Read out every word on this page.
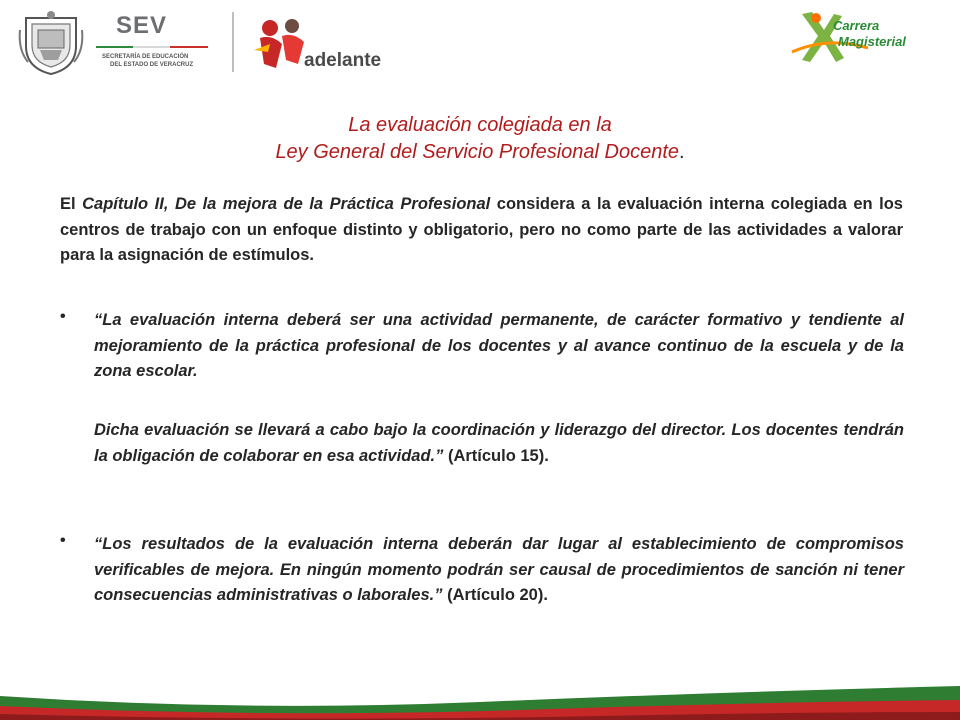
SEV
SECRETARÍA DE EDUCACIÓN
DEL ESTADO DE VERACRUZ	adelante
Carrera
Magisterial
La evaluación colegiada en la
Ley General del Servicio Profesional Docente.

El Capítulo II, De la mejora de la Práctica Profesional considera a la evaluación interna colegiada en los centros de trabajo con un enfoque distinto y obligatorio, pero no como parte de las actividades a valorar para la asignación de estímulos.

• “La evaluación interna deberá ser una actividad permanente, de carácter formativo y tendiente al mejoramiento de la práctica profesional de los docentes y al avance continuo de la escuela y de la zona escolar.

Dicha evaluación se llevará a cabo bajo la coordinación y liderazgo del director. Los docentes tendrán la obligación de colaborar en esa actividad.” (Artículo 15).

• “Los resultados de la evaluación interna deberán dar lugar al establecimiento de compromisos verificables de mejora. En ningún momento podrán ser causal de procedimientos de sanción ni tener consecuencias administrativas o laborales.” (Artículo 20).
